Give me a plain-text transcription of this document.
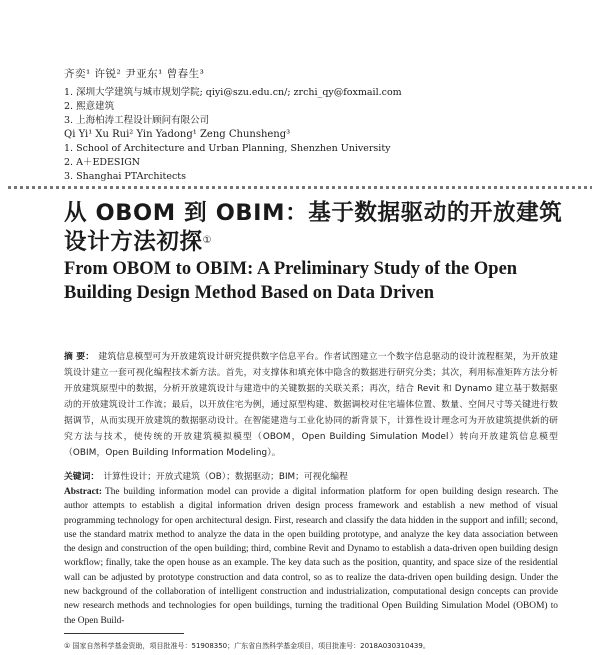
齐奕¹ 许锐² 尹亚东¹ 曾春生³
1. 深圳大学建筑与城市规划学院; qiyi@szu.edu.cn/; zrchi_qy@foxmail.com
2. 熙意建筑
3. 上海柏涛工程设计顾问有限公司
Qi Yi¹ Xu Rui² Yin Yadong¹ Zeng Chunsheng³
1. School of Architecture and Urban Planning, Shenzhen University
2. A＋EDESIGN
3. Shanghai PTArchitects
从 OBOM 到 OBIM：基于数据驱动的开放建筑
设计方法初探①
From OBOM to OBIM: A Preliminary Study of the Open Building Design Method Based on Data Driven

摘 要： 建筑信息模型可为开放建筑设计研究提供数字信息平台。作者试图建立一个数字信息驱动的设计流程框架，为开放建筑设计建立一套可视化编程技术新方法。首先，对支撑体和填充体中隐含的数据进行研究分类；其次，利用标准矩阵方法分析开放建筑原型中的数据，分析开放建筑设计与建造中的关键数据的关联关系；再次，结合 Revit 和 Dynamo 建立基于数据驱动的开放建筑设计工作流；最后，以开放住宅为例，通过原型构建、数据调校对住宅墙体位置、数量、空间尺寸等关键进行数据调节，从而实现开放建筑的数据驱动设计。在智能建造与工业化协同的新背景下，计算性设计理念可为开放建筑提供新的研究方法与技术，使传统的开放建筑模拟模型（OBOM，Open Building Simulation Model）转向开放建筑信息模型（OBIM，Open Building Information Modeling）。

关键词： 计算性设计；开放式建筑（OB）；数据驱动；BIM；可视化编程

Abstract: The building information model can provide a digital information platform for open building design research. The author attempts to establish a digital information driven design process framework and establish a new method of visual programming technology for open architectural design. First, research and classify the data hidden in the support and infill; second, use the standard matrix method to analyze the data in the open building prototype, and analyze the key data association between the design and construction of the open building; third, combine Revit and Dynamo to establish a data-driven open building design workflow; finally, take the open house as an example. The key data such as the position, quantity, and space size of the residential wall can be adjusted by prototype construction and data control, so as to realize the data-driven open building design. Under the new background of the collaboration of intelligent construction and industrialization, computational design concepts can provide new research methods and technologies for open buildings, turning the traditional Open Building Simulation Model (OBOM) to the Open Build-

① 国家自然科学基金资助，项目批准号：51908350；广东省自然科学基金项目，项目批准号：2018A030310439。
